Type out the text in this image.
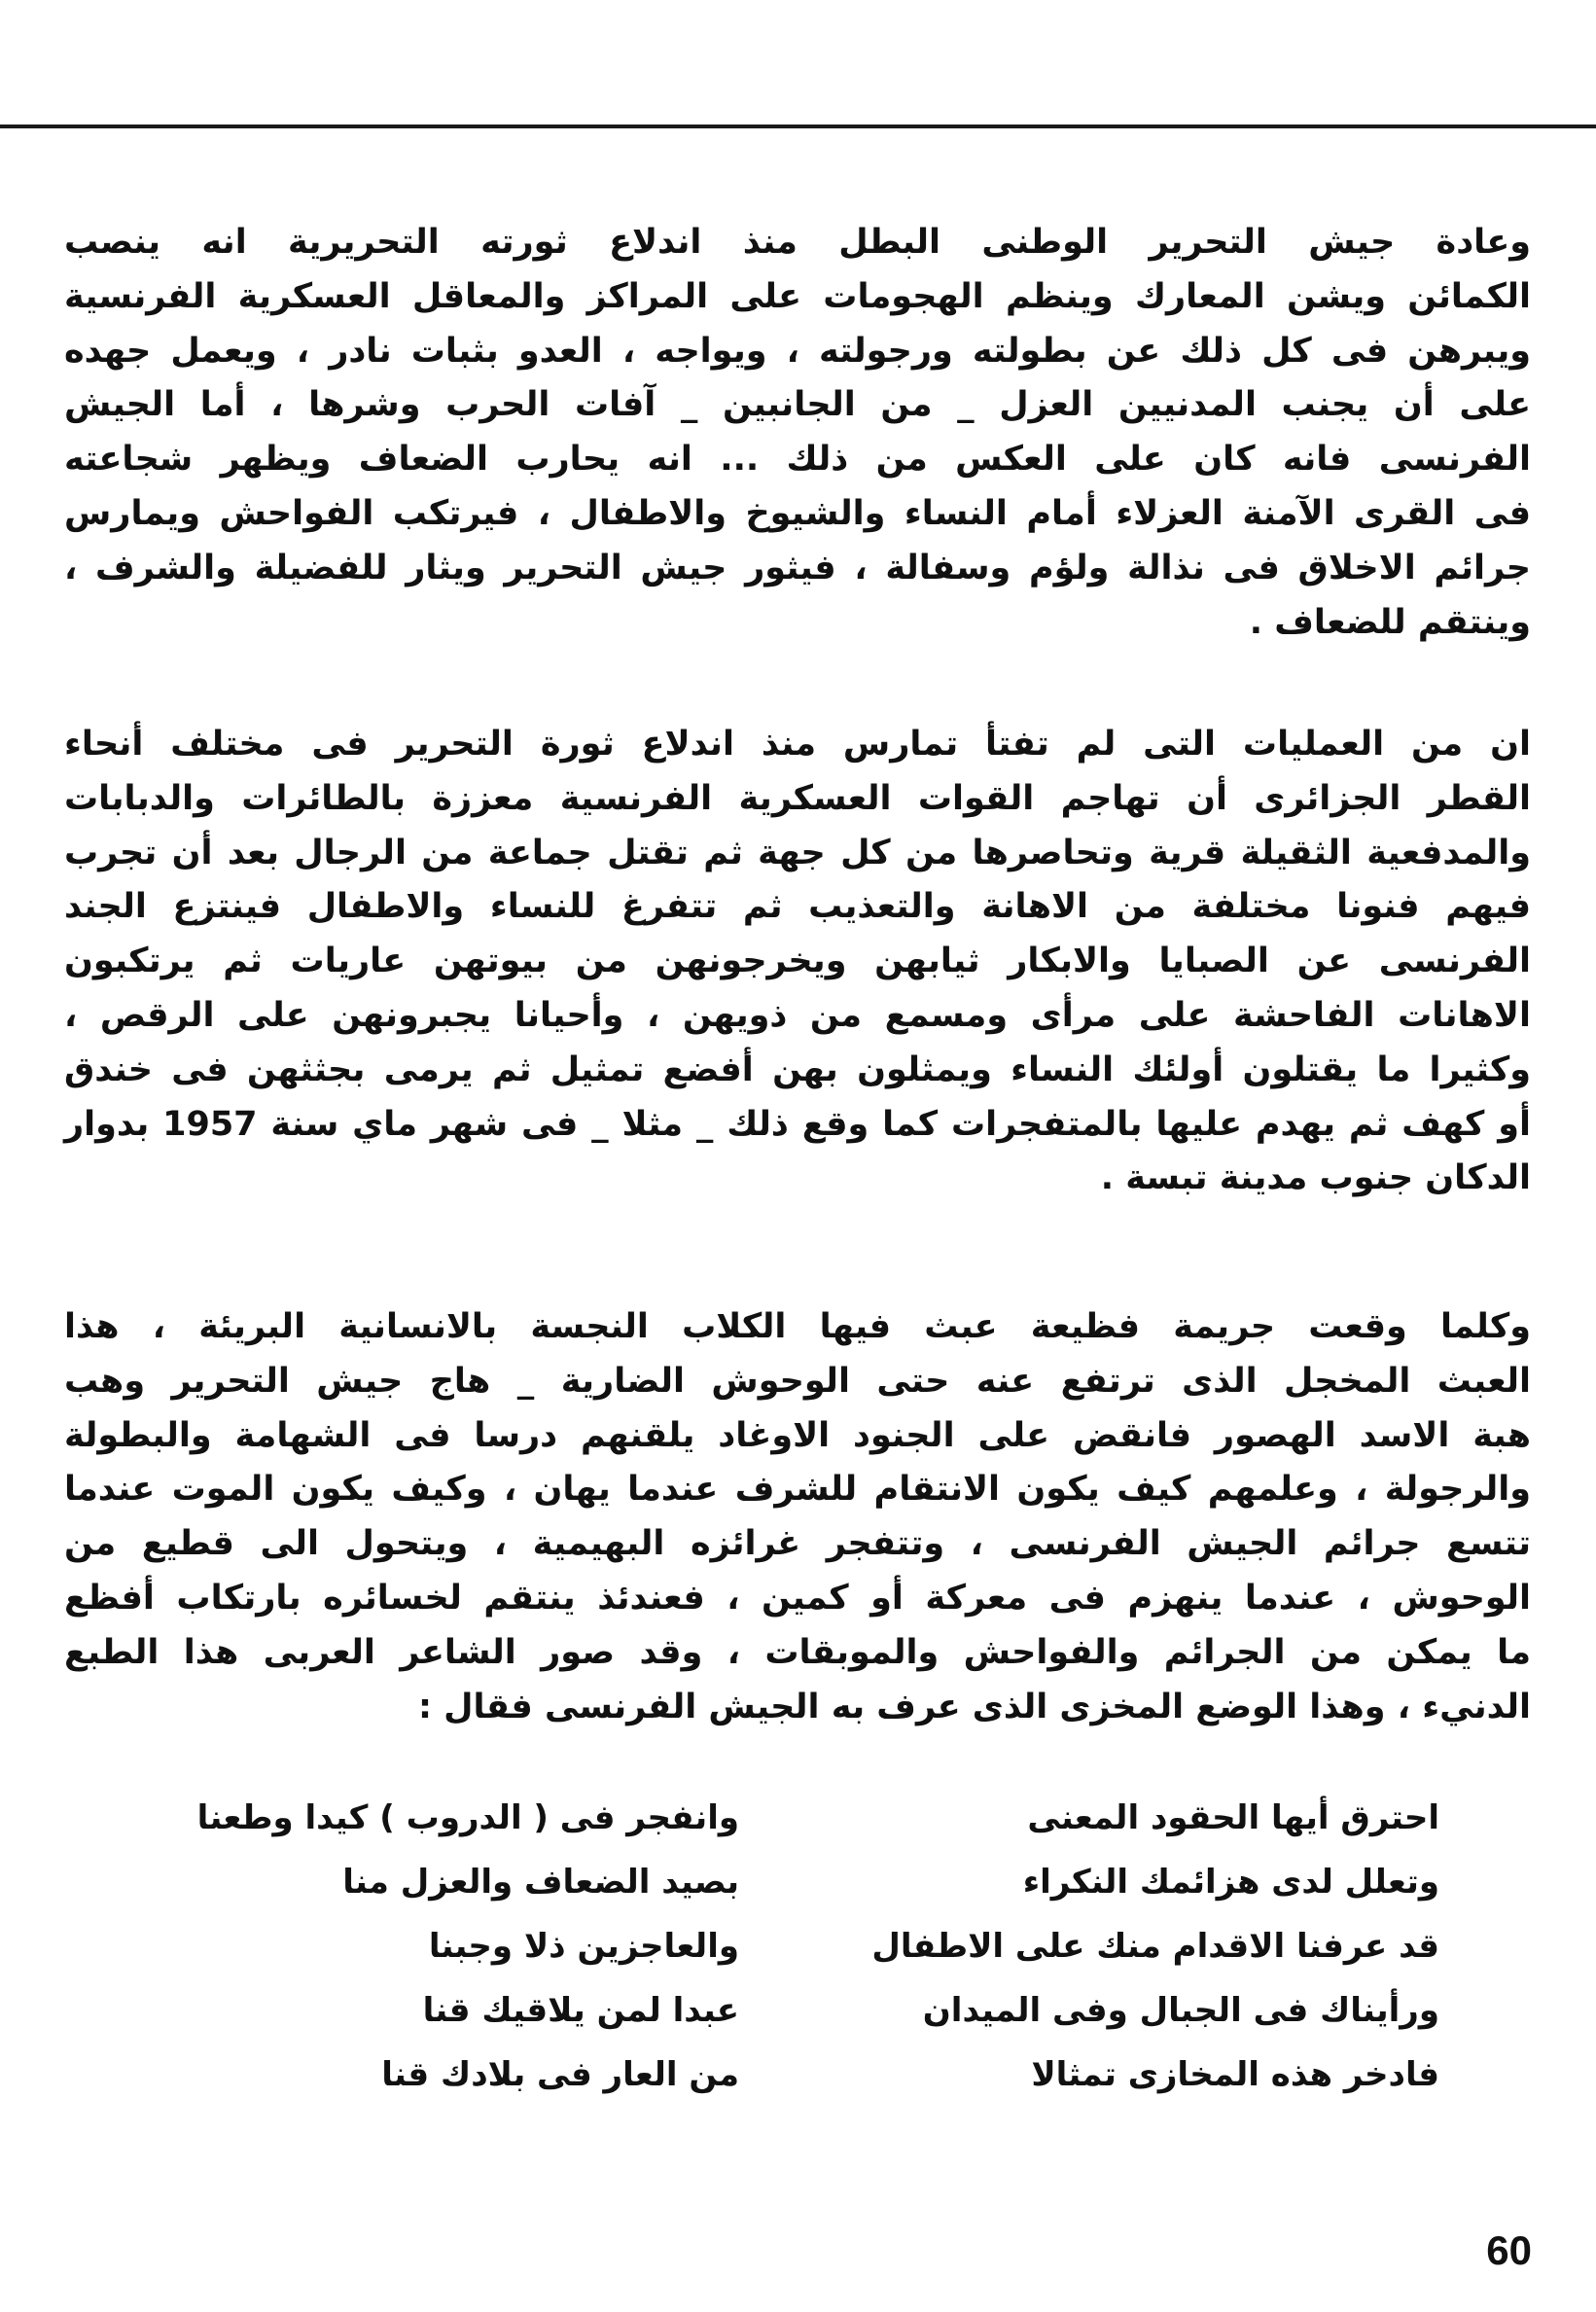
وعادة جيش التحرير الوطنى البطل منذ اندلاع ثورته التحريرية انه ينصب
الكمائن ويشن المعارك وينظم الهجومات على المراكز والمعاقل العسكرية الفرنسية
ويبرهن فى كل ذلك عن بطولته ورجولته ، ويواجه ، العدو بثبات نادر ، ويعمل جهده
على أن يجنب المدنيين العزل _ من الجانبين _ آفات الحرب وشرها ، أما الجيش
الفرنسى فانه كان على العكس من ذلك ... انه يحارب الضعاف ويظهر شجاعته
فى القرى الآمنة العزلاء أمام النساء والشيوخ والاطفال ، فيرتكب الفواحش ويمارس
جرائم الاخلاق فى نذالة ولؤم وسفالة ، فيثور جيش التحرير ويثار للفضيلة والشرف ،
وينتقم للضعاف .
ان من العمليات التى لم تفتأ تمارس منذ اندلاع ثورة التحرير فى مختلف أنحاء
القطر الجزائرى أن تهاجم القوات العسكرية الفرنسية معززة بالطائرات والدبابات
والمدفعية الثقيلة قرية وتحاصرها من كل جهة ثم تقتل جماعة من الرجال بعد أن تجرب
فيهم فنونا مختلفة من الاهانة والتعذيب ثم تتفرغ للنساء والاطفال فينتزع الجند
الفرنسى عن الصبايا والابكار ثيابهن ويخرجونهن من بيوتهن عاريات ثم يرتكبون
الاهانات الفاحشة على مرأى ومسمع من ذويهن ، وأحيانا يجبرونهن على الرقص ،
وكثيرا ما يقتلون أولئك النساء ويمثلون بهن أفضع تمثيل ثم يرمى بجثثهن فى خندق
أو كهف ثم يهدم عليها بالمتفجرات كما وقع ذلك _ مثلا _ فى شهر ماي سنة 1957 بدوار
الدكان جنوب مدينة تبسة .
وكلما وقعت جريمة فظيعة عبث فيها الكلاب النجسة بالانسانية البريئة ، هذا
العبث المخجل الذى ترتفع عنه حتى الوحوش الضارية _ هاج جيش التحرير وهب
هبة الاسد الهصور فانقض على الجنود الاوغاد يلقنهم درسا فى الشهامة والبطولة
والرجولة ، وعلمهم كيف يكون الانتقام للشرف عندما يهان ، وكيف يكون الموت عندما
تتسع جرائم الجيش الفرنسى ، وتتفجر غرائزه البهيمية ، ويتحول الى قطيع من
الوحوش ، عندما ينهزم فى معركة أو كمين ، فعندئذ ينتقم لخسائره بارتكاب أفظع
ما يمكن من الجرائم والفواحش والموبقات ، وقد صور الشاعر العربى هذا الطبع
الدنيء ، وهذا الوضع المخزى الذى عرف به الجيش الفرنسى فقال :
احترق أيها الحقود المعنى
وانفجر فى ( الدروب ) كيدا وطعنا
وتعلل لدى هزائمك النكراء
بصيد الضعاف والعزل منا
قد عرفنا الاقدام منك على الاطفال
والعاجزين ذلا وجبنا
ورأيناك فى الجبال وفى الميدان
عبدا لمن يلاقيك قنا
فادخر هذه المخازى تمثالا
من العار فى بلادك قنا
60
